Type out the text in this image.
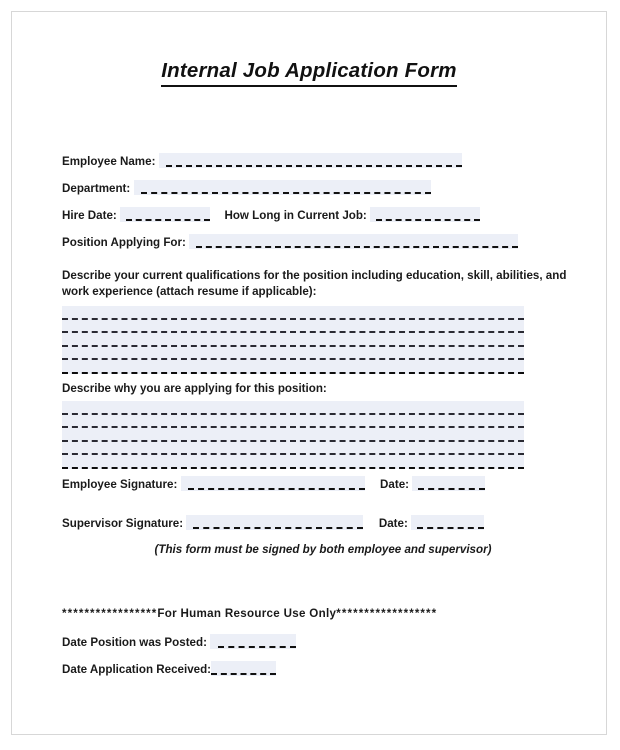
Internal Job Application Form
Employee Name:
Department:
Hire Date:	How Long in Current Job:
Position Applying For:
Describe your current qualifications for the position including education, skill, abilities, and work experience (attach resume if applicable):
Describe why you are applying for this position:
Employee Signature:	Date:
Supervisor Signature:	Date:
(This form must be signed by both employee and supervisor)
*****************For Human Resource Use Only******************
Date Position was Posted:
Date Application Received:
